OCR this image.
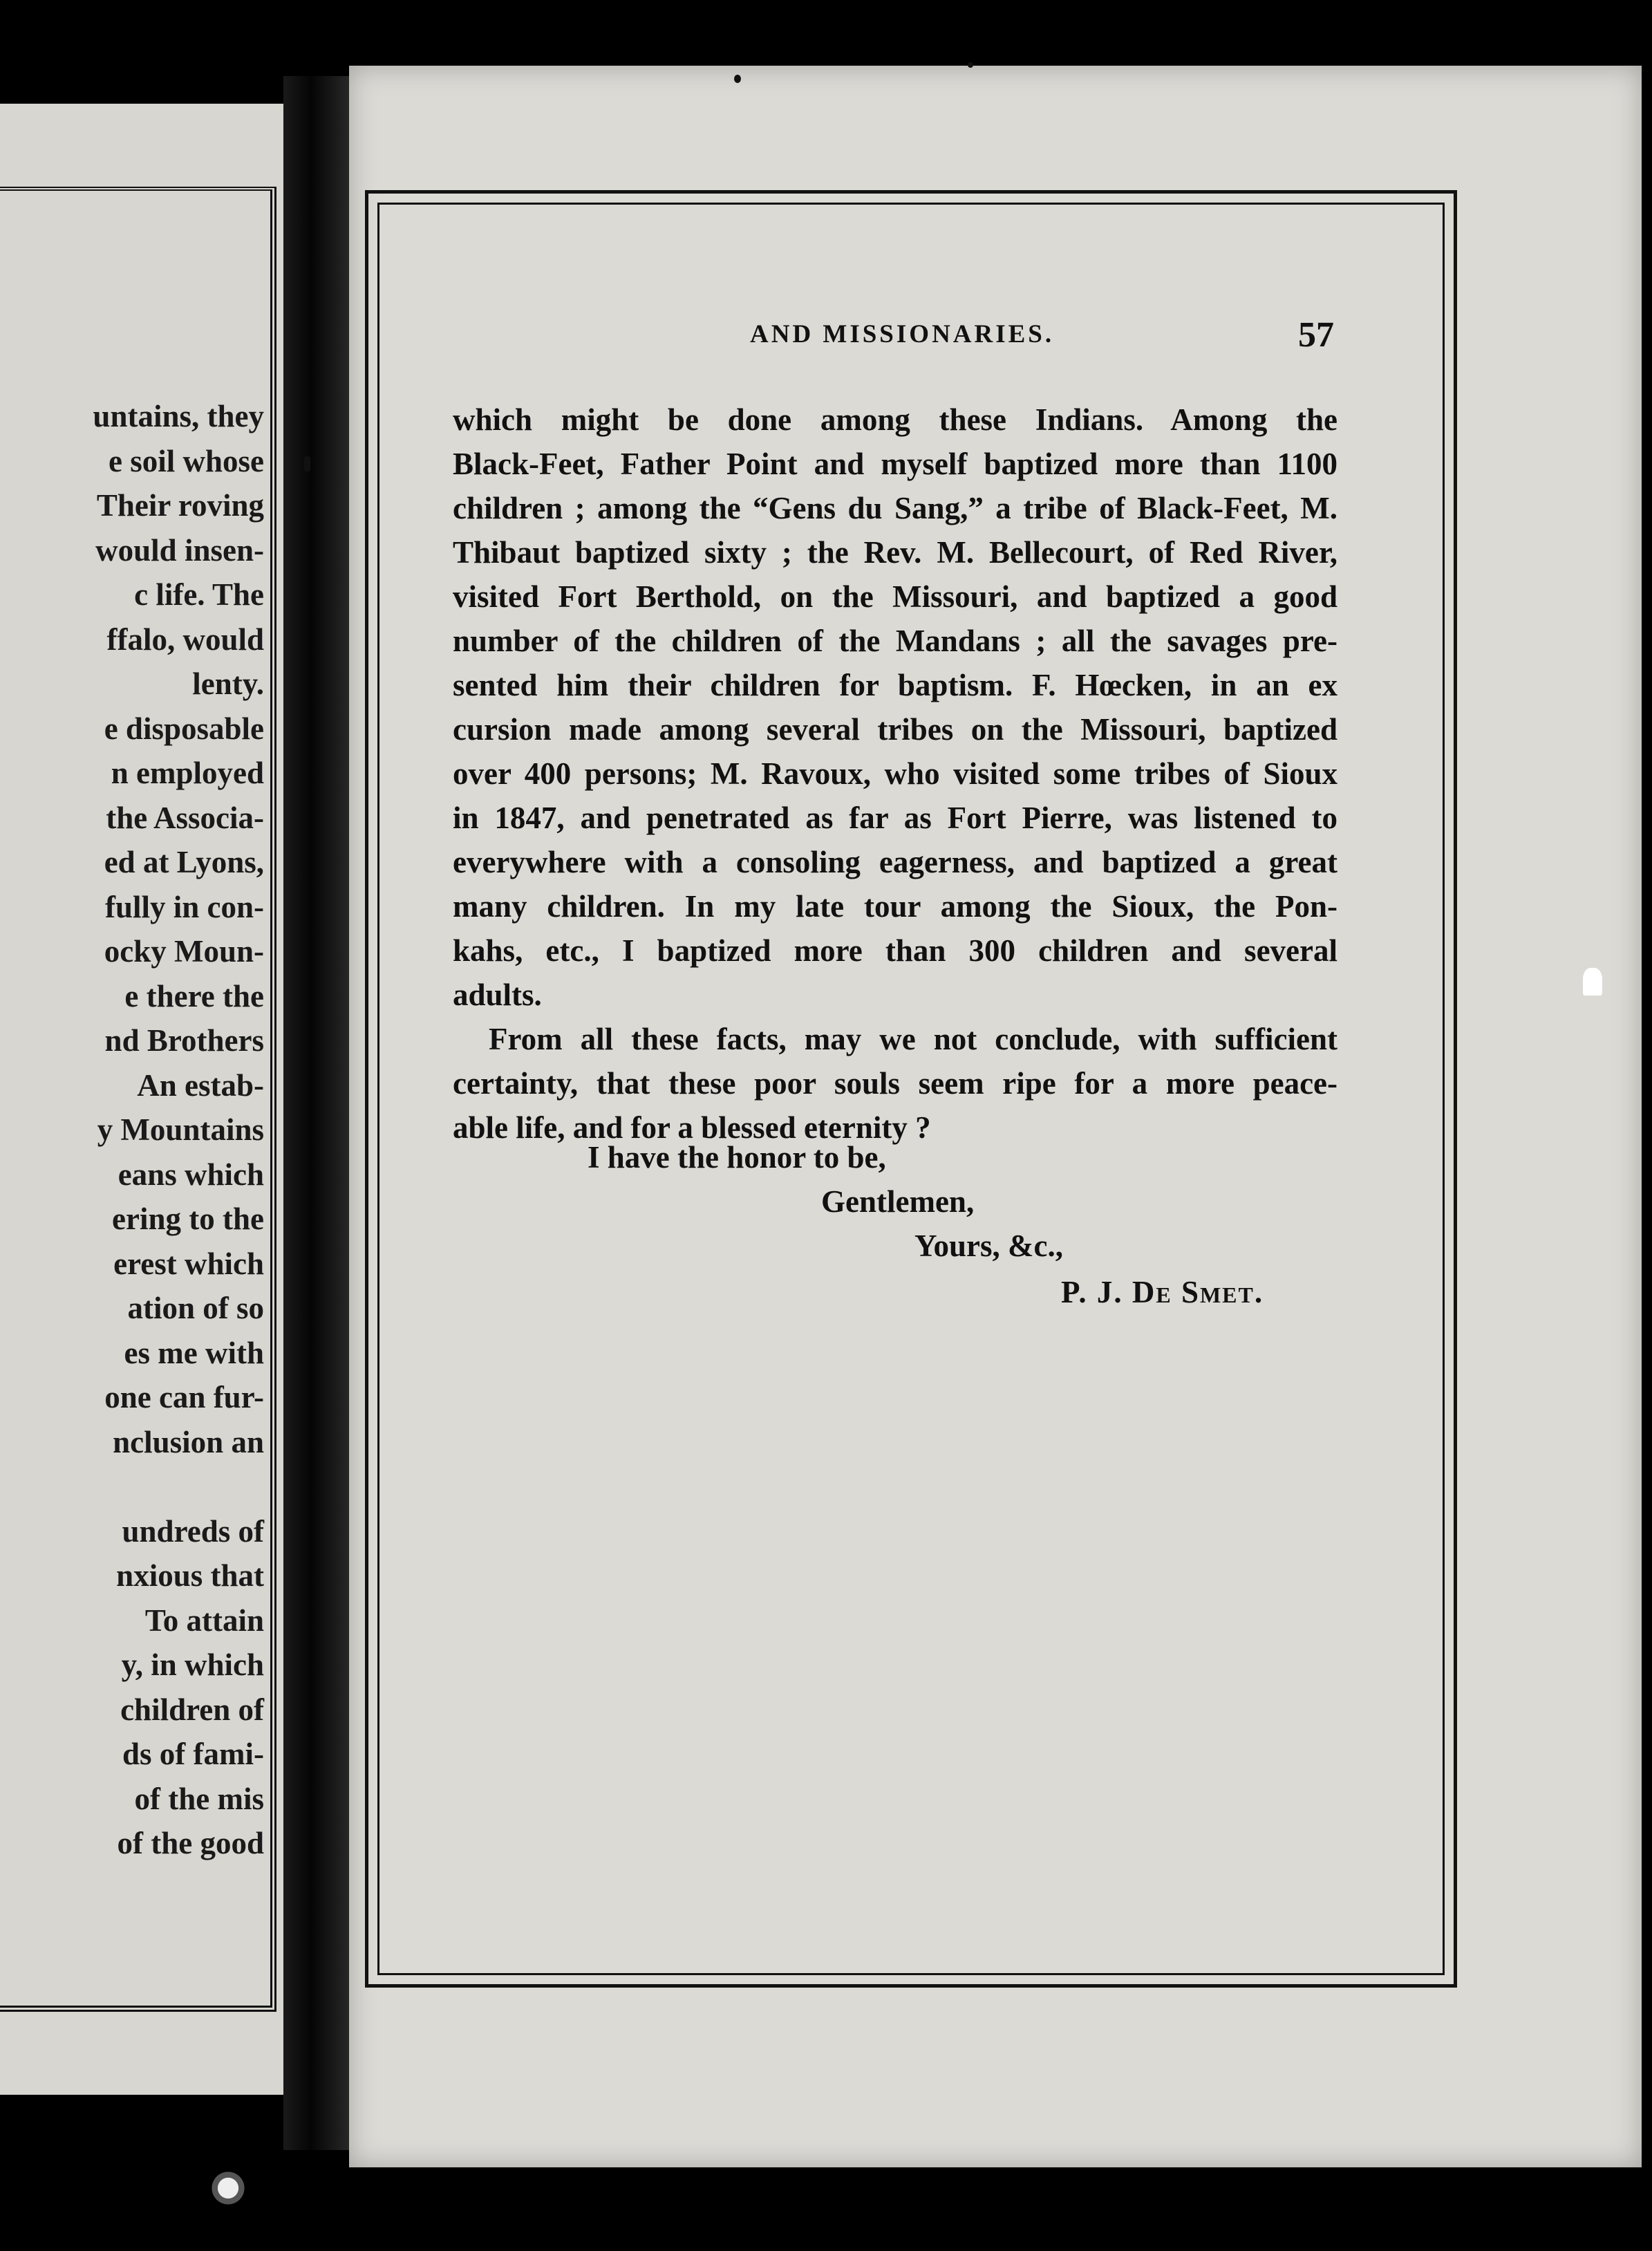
untains, they
e soil whose
Their roving
would insen-
c life. The
ffalo, would
lenty.
e disposable
n employed
the Associa-
ed at Lyons,
fully in con-
ocky Moun-
e there the
nd Brothers
An estab-
y Mountains
eans which
ering to the
erest which
ation of so
es me with
one can fur-
nclusion an
undreds of
nxious that
To attain
y, in which
children of
ds of fami-
of the mis
of the good
AND MISSIONARIES.	57
which might be done among these Indians. Among the
Black-Feet, Father Point and myself baptized more than 1100
children ; among the “Gens du Sang,” a tribe of Black-Feet, M.
Thibaut baptized sixty ; the Rev. M. Bellecourt, of Red River,
visited Fort Berthold, on the Missouri, and baptized a good
number of the children of the Mandans ; all the savages pre-
sented him their children for baptism. F. Hœcken, in an ex
cursion made among several tribes on the Missouri, baptized
over 400 persons; M. Ravoux, who visited some tribes of Sioux
in 1847, and penetrated as far as Fort Pierre, was listened to
everywhere with a consoling eagerness, and baptized a great
many children. In my late tour among the Sioux, the Pon-
kahs, etc., I baptized more than 300 children and several
adults.
From all these facts, may we not conclude, with sufficient
certainty, that these poor souls seem ripe for a more peace-
able life, and for a blessed eternity ?
I have the honor to be,
Gentlemen,
Yours, &c.,
P. J. De Smet.
